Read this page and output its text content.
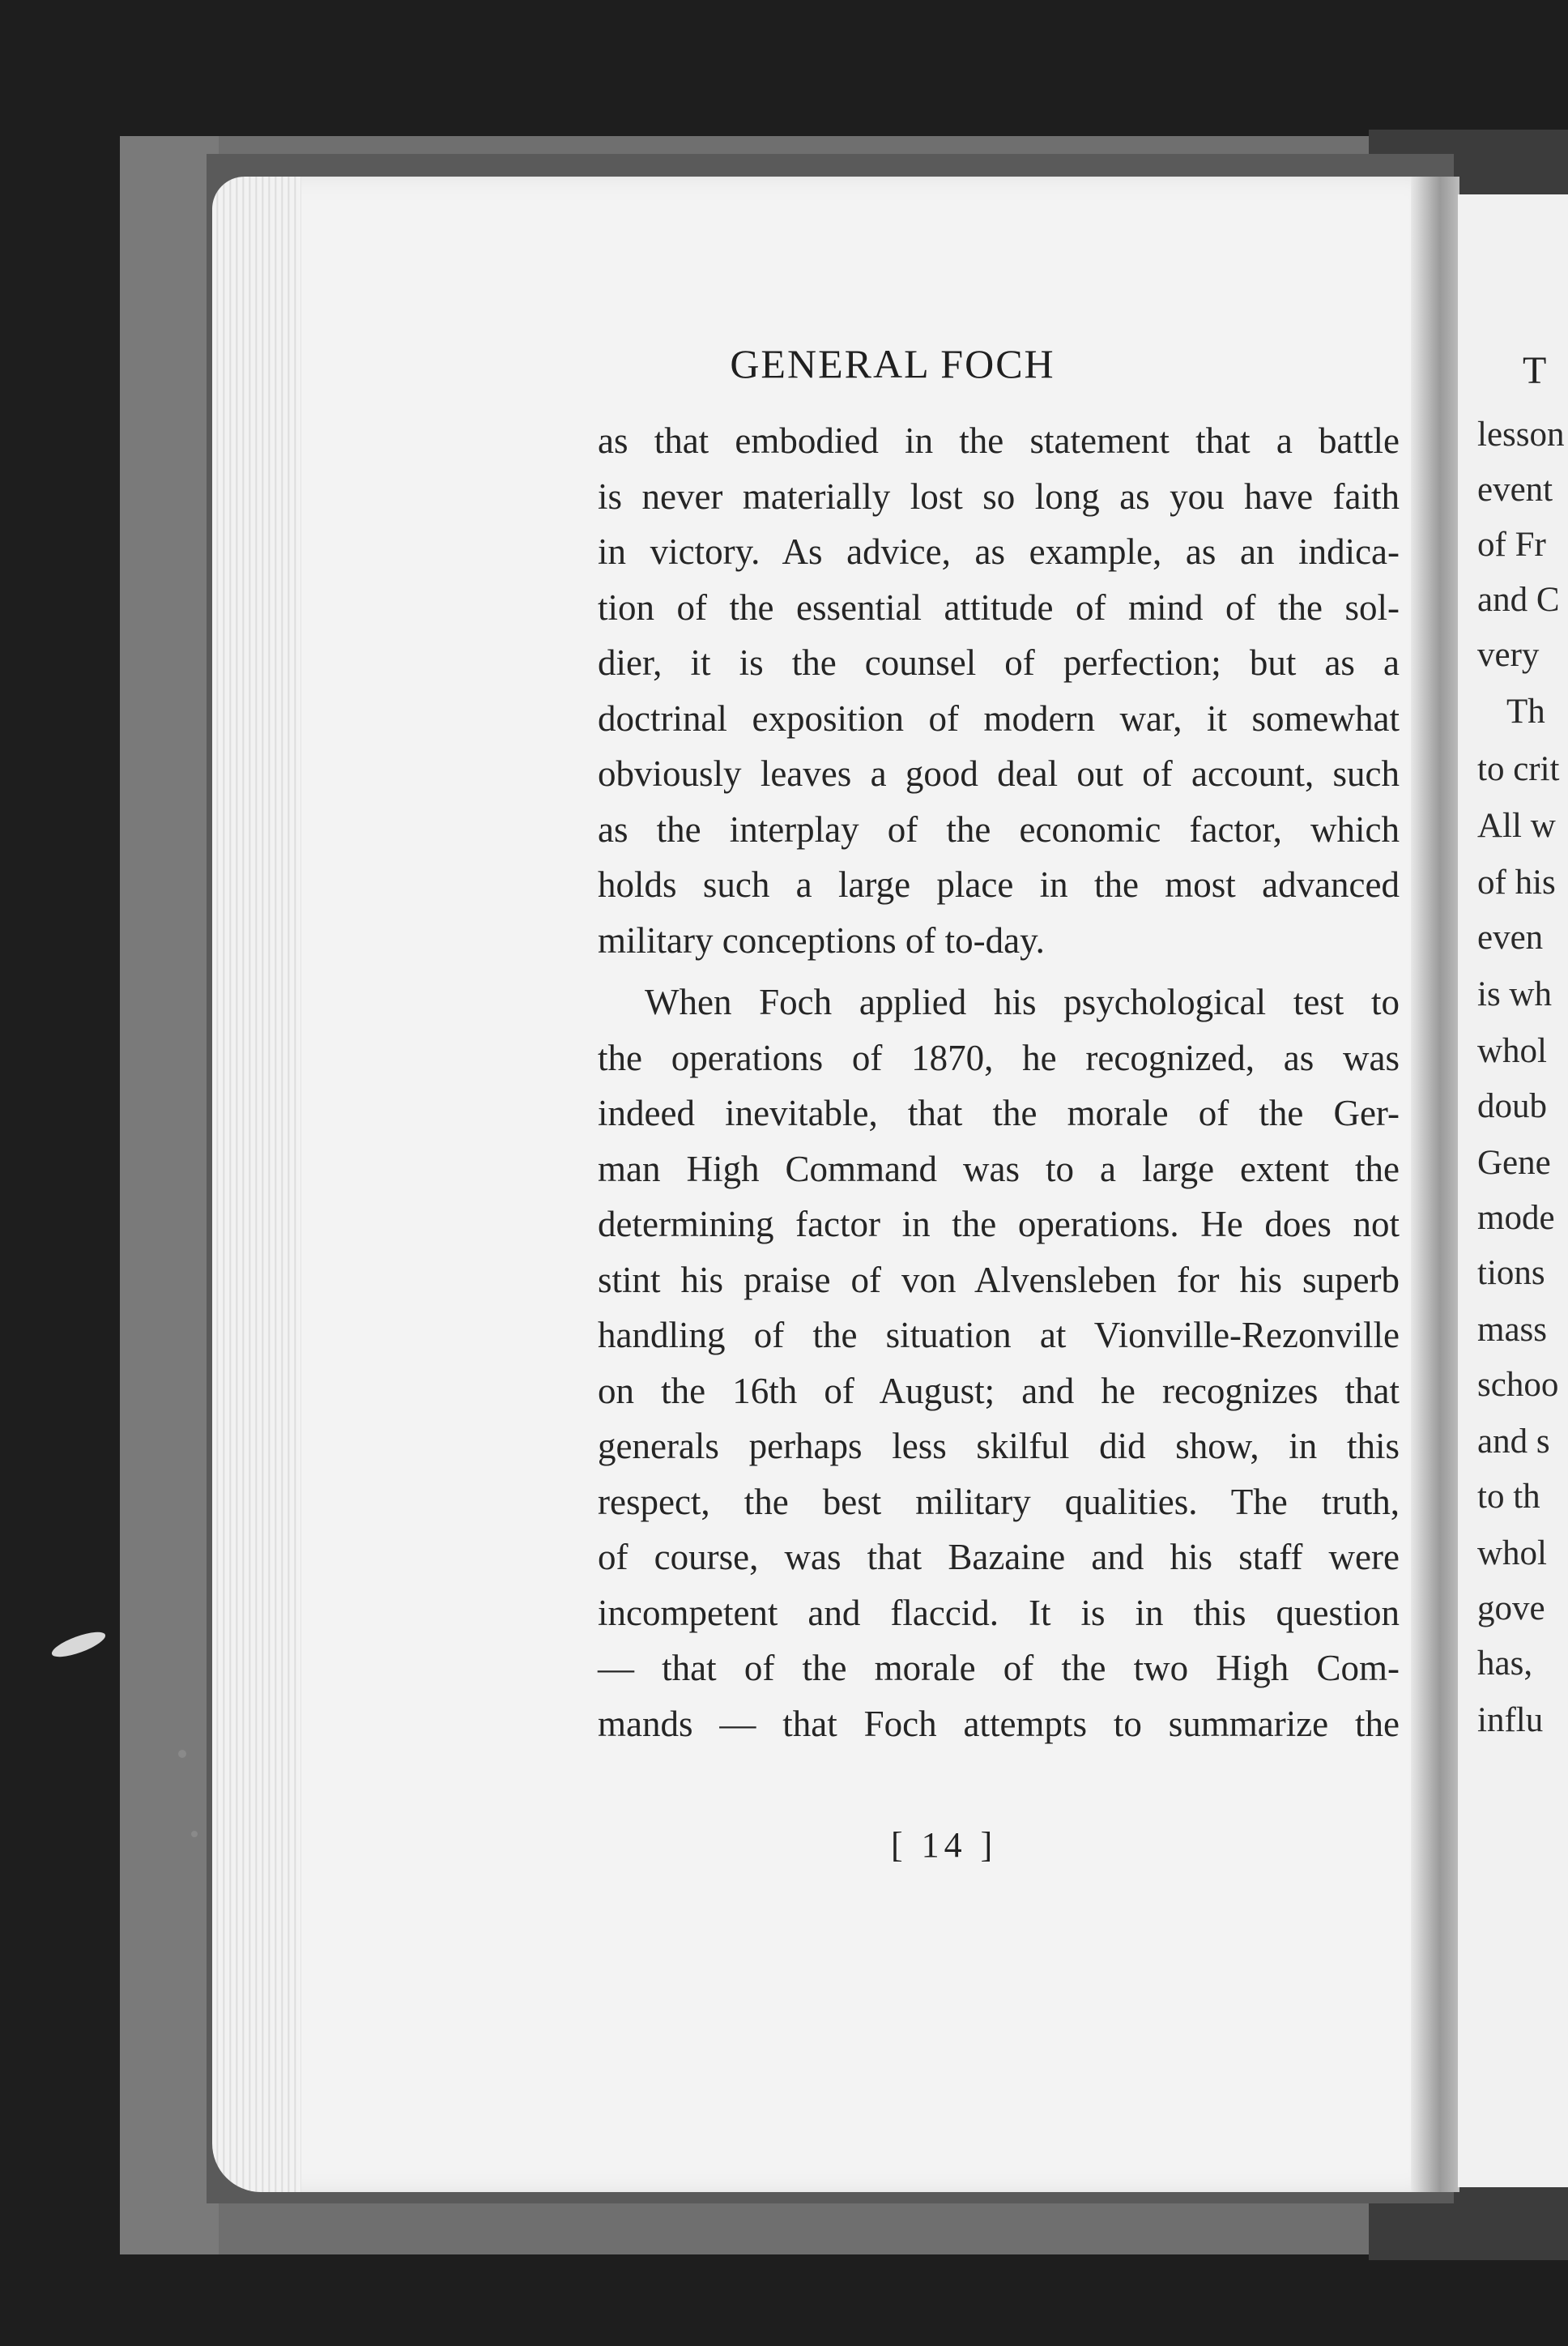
GENERAL FOCH
as that embodied in the statement that a battle
is never materially lost so long as you have faith
in victory. As advice, as example, as an indica-
tion of the essential attitude of mind of the sol-
dier, it is the counsel of perfection; but as a
doctrinal exposition of modern war, it somewhat
obviously leaves a good deal out of account, such
as the interplay of the economic factor, which
holds such a large place in the most advanced
military conceptions of to-day.
When Foch applied his psychological test to
the operations of 1870, he recognized, as was
indeed inevitable, that the morale of the Ger-
man High Command was to a large extent the
determining factor in the operations. He does not
stint his praise of von Alvensleben for his superb
handling of the situation at Vionville-Rezonville
on the 16th of August; and he recognizes that
generals perhaps less skilful did show, in this
respect, the best military qualities. The truth,
of course, was that Bazaine and his staff were
incompetent and flaccid. It is in this question
— that of the morale of the two High Com-
mands — that Foch attempts to summarize the
[ 14 ]
T
lesson
event
of Fr
and C
very
Th
to crit
All w
of his
even
is wh
whol
doub
Gene
mode
tions
mass
schoo
and s
to th
whol
gove
has,
influ
